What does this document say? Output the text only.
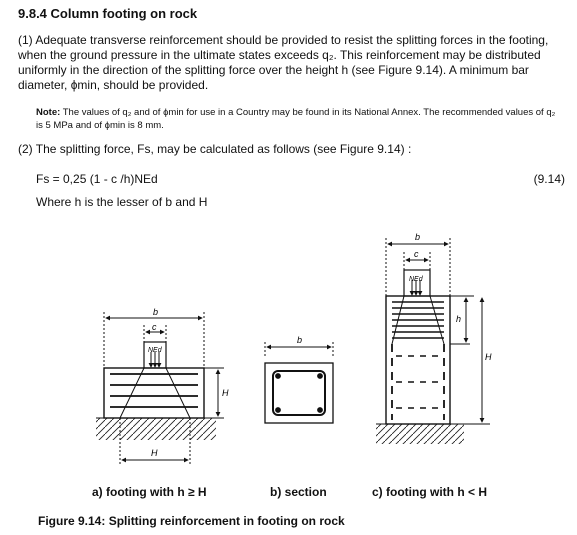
9.8.4 Column footing on rock

(1) Adequate transverse reinforcement should be provided to resist the splitting forces in the footing, when the ground pressure in the ultimate states exceeds q₂. This reinforcement may be distributed uniformly in the direction of the splitting force over the height h (see Figure 9.14). A minimum bar diameter, ϕmin, should be provided.

Note: The values of q₂ and of ϕmin for use in a Country may be found in its National Annex. The recommended values of q₂ is 5 MPa and of ϕmin is 8 mm.

(2) The splitting force, Fs, may be calculated as follows (see Figure 9.14) :

Fs = 0,25 (1 - c /h)NEd	(9.14)

Where h is the lesser of b and H

b
c
NEd
H
H
b
b
c
NEd
h
H

a) footing with h ≥ H	b) section	c) footing with h < H

Figure 9.14: Splitting reinforcement in footing on rock
